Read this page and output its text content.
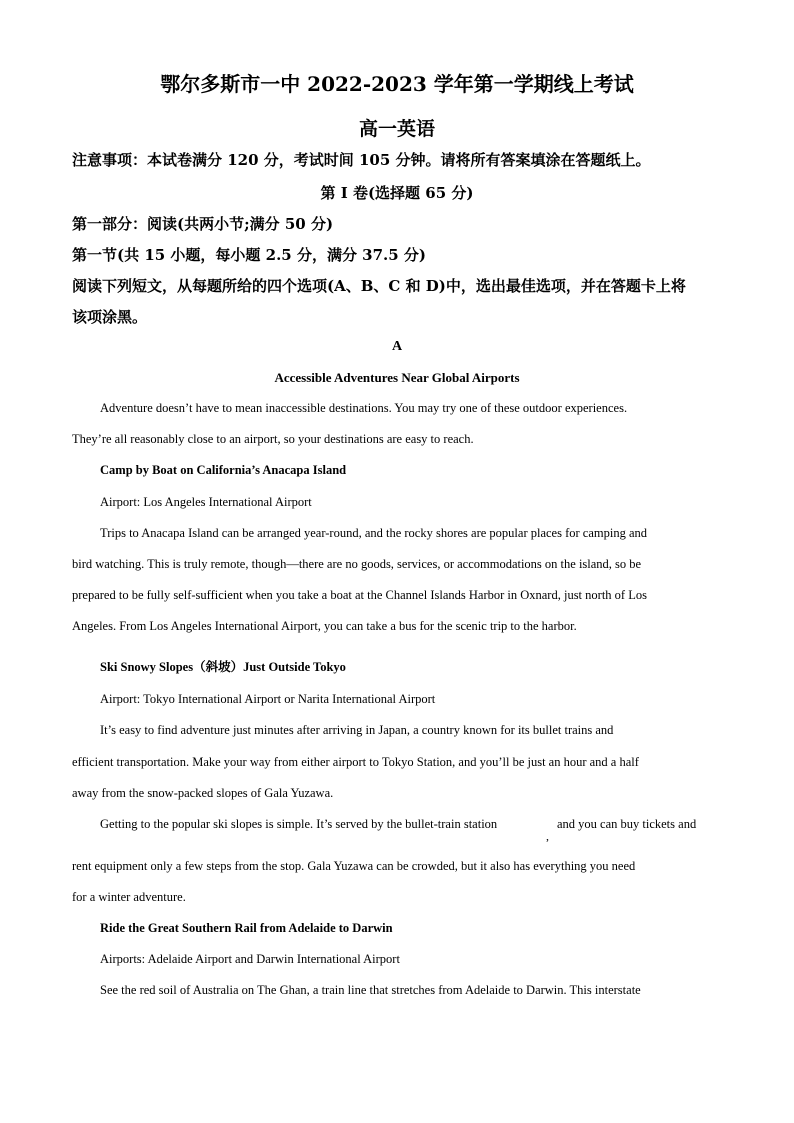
鄂尔多斯市一中 2022-2023 学年第一学期线上考试
高一英语
注意事项：本试卷满分 120 分，考试时间 105 分钟。请将所有答案填涂在答题纸上。
第 I 卷(选择题 65 分)
第一部分：阅读(共两小节;满分 50 分)
第一节(共 15 小题，每小题 2.5 分，满分 37.5 分)
阅读下列短文，从每题所给的四个选项(A、B、C 和 D)中，选出最佳选项，并在答题卡上将
该项涂黑。
A
Accessible Adventures Near Global Airports
Adventure doesn’t have to mean inaccessible destinations. You may try one of these outdoor experiences.
They’re all reasonably close to an airport, so your destinations are easy to reach.
Camp by Boat on California’s Anacapa Island
Airport: Los Angeles International Airport
Trips to Anacapa Island can be arranged year-round, and the rocky shores are popular places for camping and
bird watching. This is truly remote, though—there are no goods, services, or accommodations on the island, so be
prepared to be fully self-sufficient when you take a boat at the Channel Islands Harbor in Oxnard, just north of Los
Angeles. From Los Angeles International Airport, you can take a bus for the scenic trip to the harbor.
Ski Snowy Slopes（斜坡）Just Outside Tokyo
Airport: Tokyo International Airport or Narita International Airport
It’s easy to find adventure just minutes after arriving in Japan, a country known for its bullet trains and
efficient transportation. Make your way from either airport to Tokyo Station, and you’ll be just an hour and a half
away from the snow-packed slopes of Gala Yuzawa.
Getting to the popular ski slopes is simple. It’s served by the bullet-train station
,
and you can buy tickets and
rent equipment only a few steps from the stop. Gala Yuzawa can be crowded, but it also has everything you need
for a winter adventure.
Ride the Great Southern Rail from Adelaide to Darwin
Airports: Adelaide Airport and Darwin International Airport
See the red soil of Australia on The Ghan, a train line that stretches from Adelaide to Darwin. This interstate
